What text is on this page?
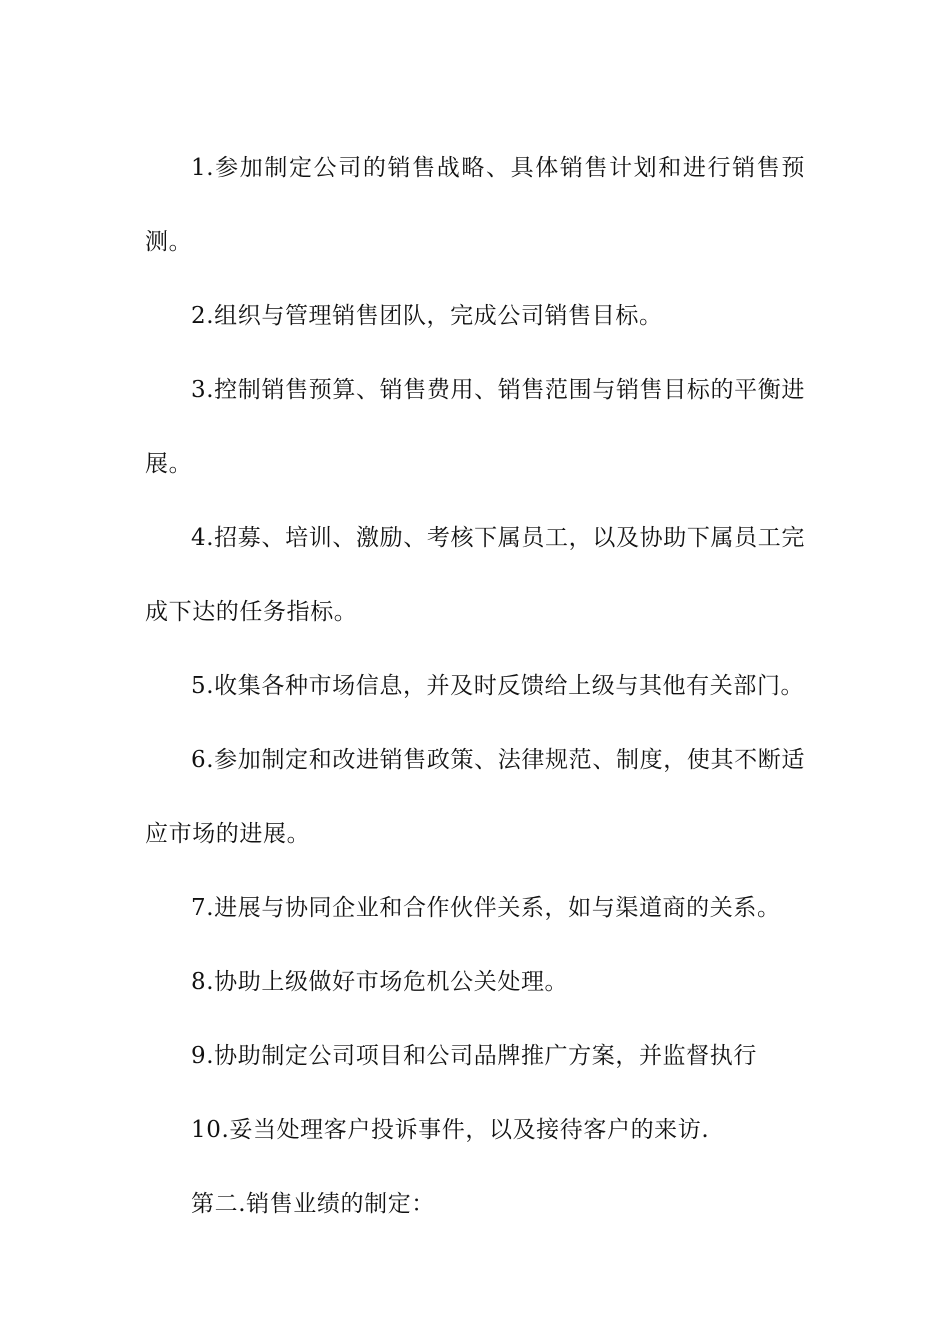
1.参加制定公司的销售战略、具体销售计划和进行销售预测。

2.组织与管理销售团队，完成公司销售目标。

3.控制销售预算、销售费用、销售范围与销售目标的平衡进展。

4.招募、培训、激励、考核下属员工，以及协助下属员工完成下达的任务指标。

5.收集各种市场信息，并及时反馈给上级与其他有关部门。

6.参加制定和改进销售政策、法律规范、制度，使其不断适应市场的进展。

7.进展与协同企业和合作伙伴关系，如与渠道商的关系。

8.协助上级做好市场危机公关处理。

9.协助制定公司项目和公司品牌推广方案，并监督执行

10.妥当处理客户投诉事件，以及接待客户的来访.

第二.销售业绩的制定：
